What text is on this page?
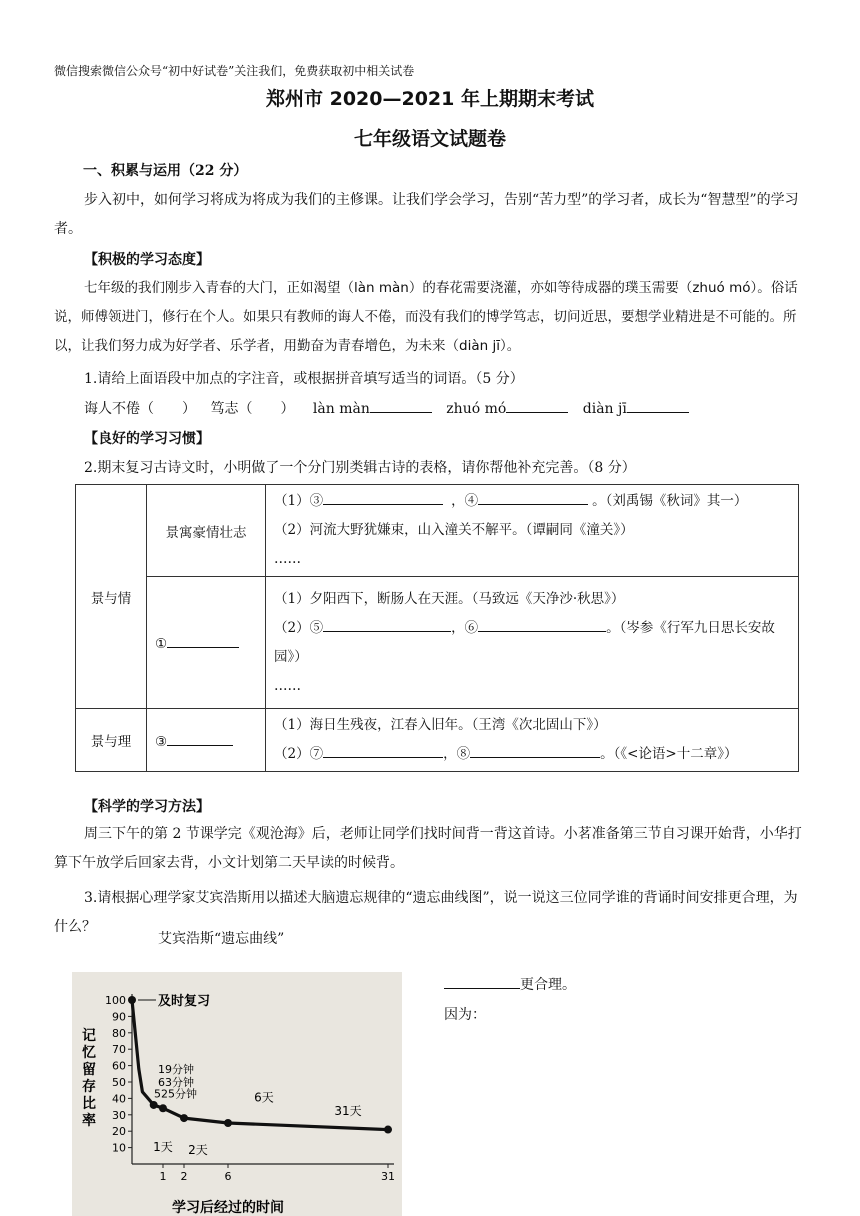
微信搜索微信公众号“初中好试卷”关注我们，免费获取初中相关试卷
郑州市 2020—2021 年上期期末考试
七年级语文试题卷
一、积累与运用（22 分）
步入初中，如何学习将成为将成为我们的主修课。让我们学会学习，告别“苦力型”的学习者，成长为“智慧型”的学习者。
【积极的学习态度】
七年级的我们刚步入青春的大门，正如渴望（làn màn）的春花需要浇灌，亦如等待成器的璞玉需要（zhuó mó）。俗话说，师傅领进门，修行在个人。如果只有教师的诲人不倦，而没有我们的博学笃志，切问近思，要想学业精进是不可能的。所以，让我们努力成为好学者、乐学者，用勤奋为青春增色，为未来（diàn jī）。
1.请给上面语段中加点的字注音，或根据拼音填写适当的词语。（5 分）
诲人不倦（ ） 笃志（ ） làn màn	zhuó mó	diàn jī
【良好的学习习惯】
2.期末复习古诗文时，小明做了一个分门别类辑古诗的表格，请你帮他补充完善。（8 分）
景与情	景寓豪情壮志	（1）③ ，④ 。（刘禹锡《秋词》其一）
（2）河流大野犹嫌束，山入潼关不解平。（谭嗣同《潼关》）
……

	①	（1）夕阳西下，断肠人在天涯。（马致远《天净沙·秋思》）
（2）⑤ ，⑥ 。（岑参《行军九日思长安故
园》）
……

景与理	③	（1）海日生残夜，江春入旧年。（王湾《次北固山下》）
（2）⑦ ，⑧ 。（《<论语>十二章》）
【科学的学习方法】
周三下午的第 2 节课学完《观沧海》后，老师让同学们找时间背一背这首诗。小茗准备第三节自习课开始背，小华打算下午放学后回家去背，小文计划第二天早读的时候背。
3.请根据心理学家艾宾浩斯用以描述大脑遗忘规律的“遗忘曲线图”，说一说这三位同学谁的背诵时间安排更合理，为什么？
艾宾浩斯“遗忘曲线”
100
90
80
70
60
50
40
30
20
10
1 2	6	31
记
忆
留
存
比
率
学习后经过的时间
及时复习
19分钟
63分钟
525分钟
1天 2天
6天
31天
更合理。
因为：
